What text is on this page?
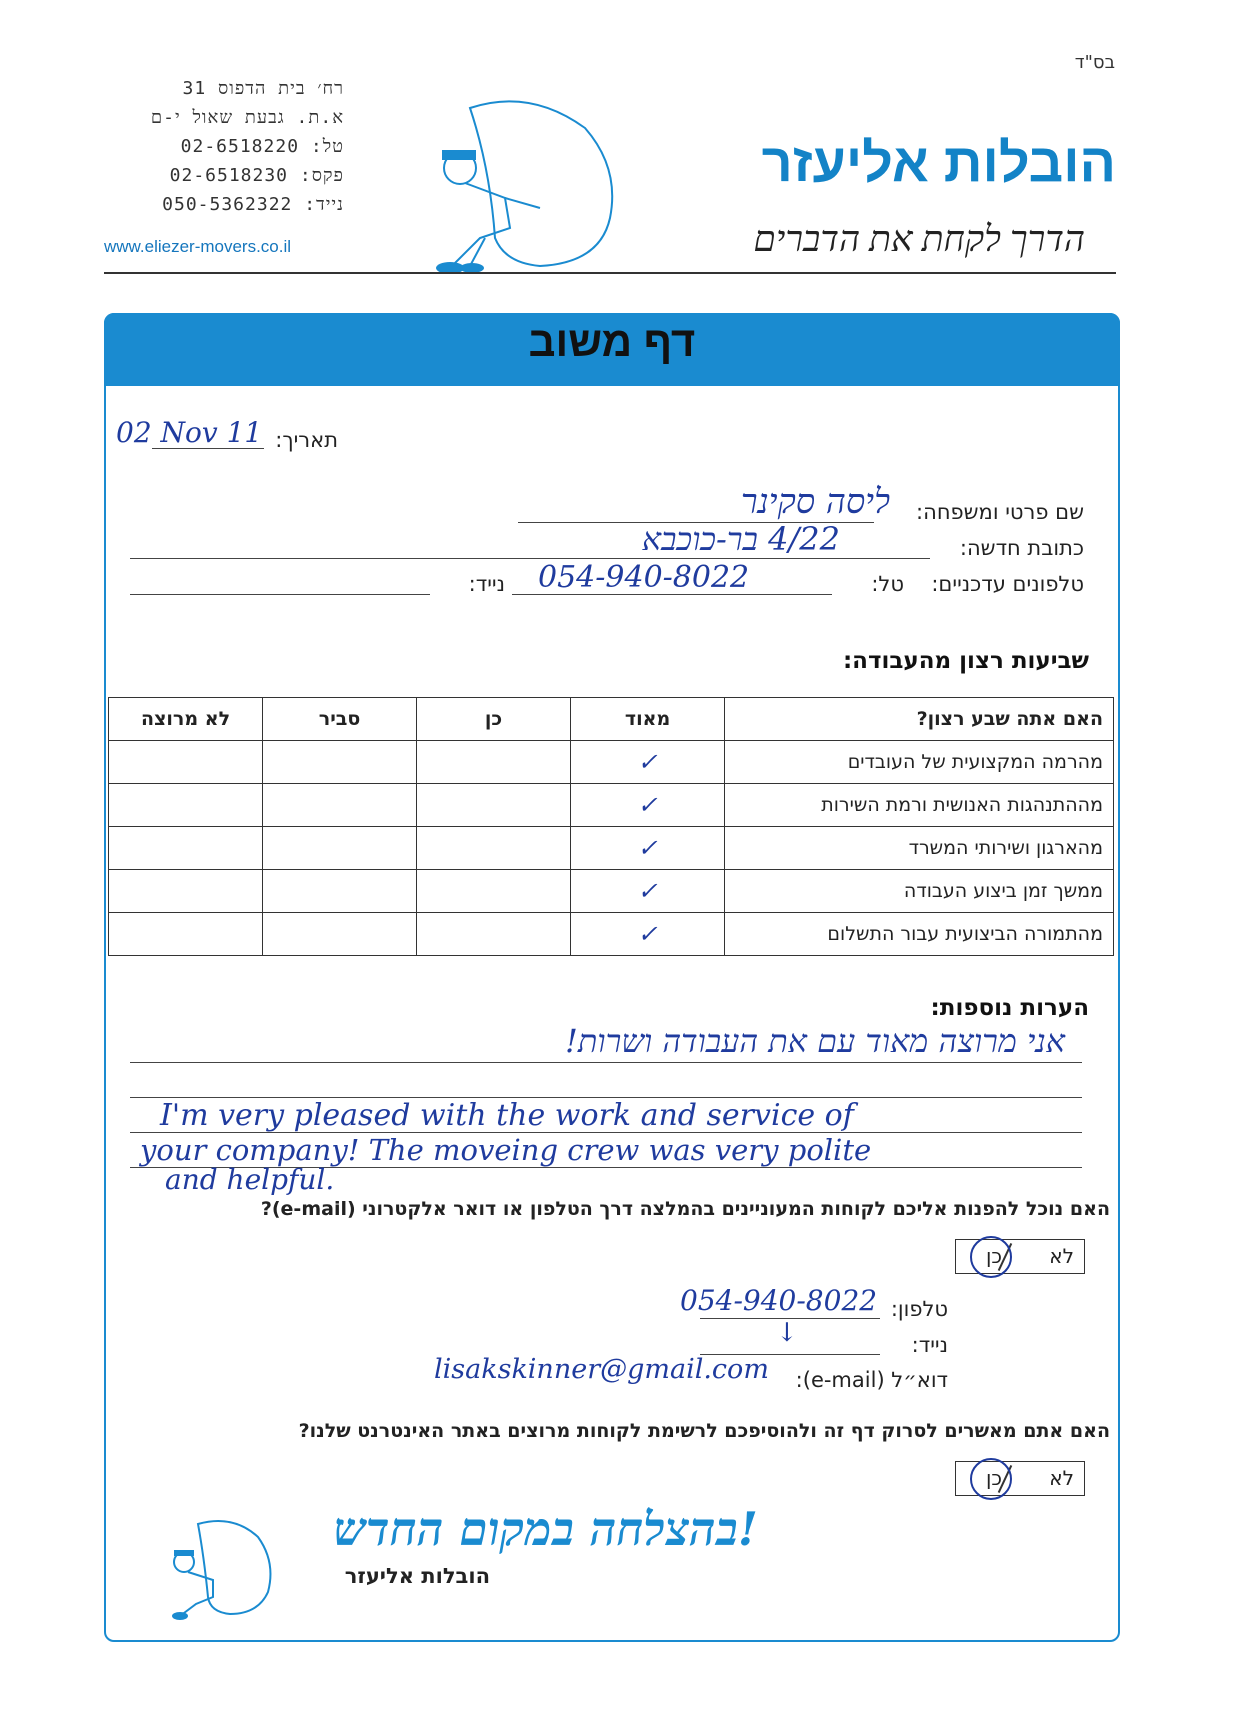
בס"ד
רח׳ בית הדפוס 31
א.ת. גבעת שאול י-ם
טל: 02-6518220
פקס: 02-6518230
נייד: 050-5362322
www.eliezer-movers.co.il
הובלות אליעזר
הדרך לקחת את הדברים
דף משוב
תאריך:
02 Nov 11
שם פרטי ומשפחה:
ליסה סקינר
כתובת חדשה:
4/22 בר-כוכבא
טלפונים עדכניים:
טל:
054-940-8022
נייד:
שביעות רצון מהעבודה:
האם אתה שבע רצון?	מאוד	כן	סביר	לא מרוצה
מהרמה המקצועית של העובדים	✓			
מההתנהגות האנושית ורמת השירות	✓			
מהארגון ושירותי המשרד	✓			
ממשך זמן ביצוע העבודה	✓			
מהתמורה הביצועית עבור התשלום	✓			
הערות נוספות:
אני מרוצה מאוד עם את העבודה ושרות!
I'm very pleased with the work and service of
your company! The moveing crew was very polite
and helpful.
האם נוכל להפנות אליכם לקוחות המעוניינים בהמלצה דרך הטלפון או דואר אלקטרוני (e-mail)?
לא
כן
טלפון:
054-940-8022
נייד:
↓
דוא״ל (e-mail):
lisakskinner@gmail.com
האם אתם מאשרים לסרוק דף זה ולהוסיפכם לרשימת לקוחות מרוצים באתר האינטרנט שלנו?
לא
כן
!בהצלחה במקום החדש
הובלות אליעזר
